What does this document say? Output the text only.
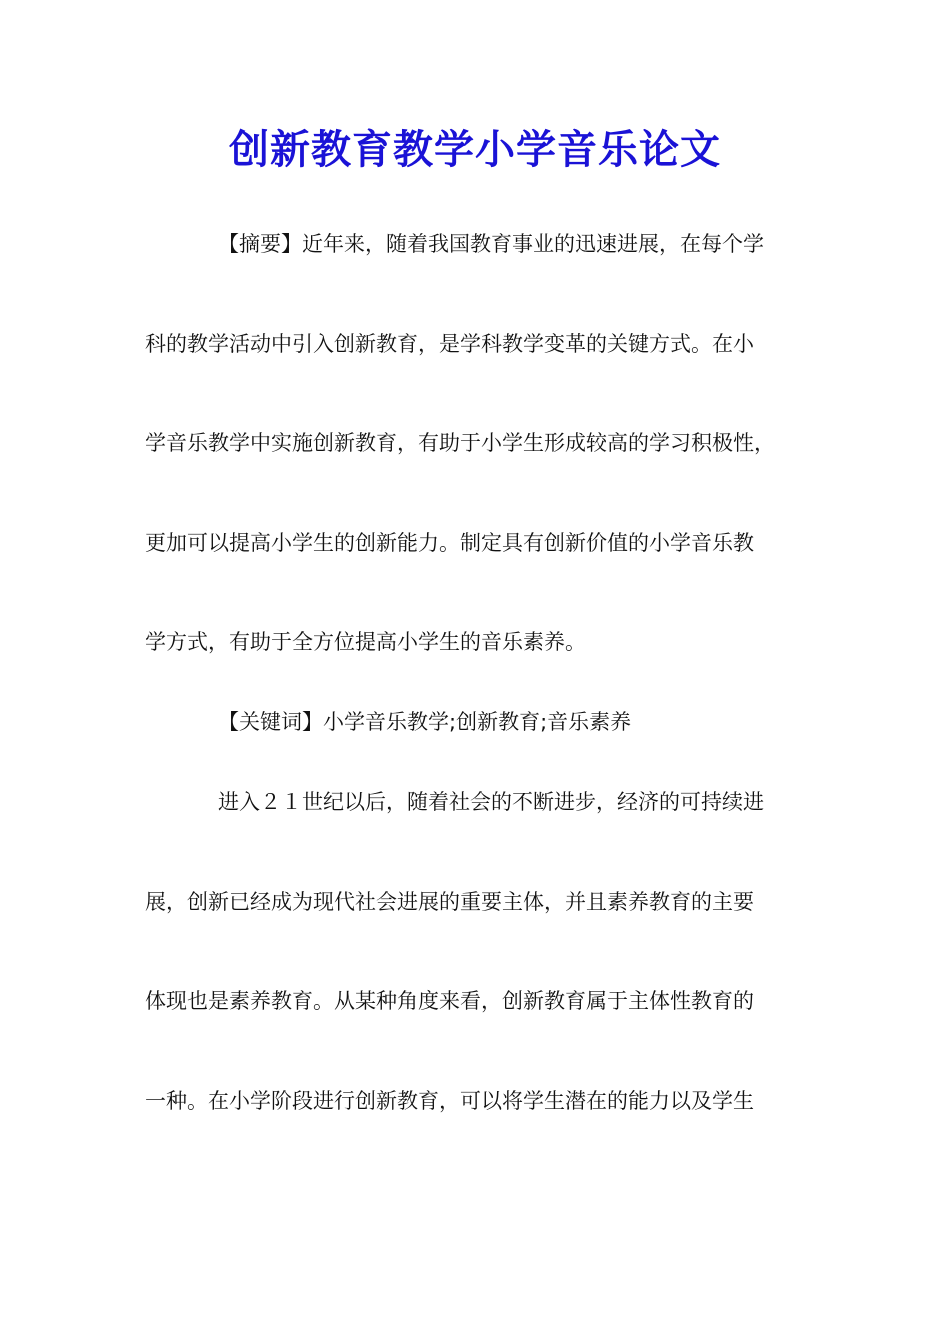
创新教育教学小学音乐论文

【摘要】近年来，随着我国教育事业的迅速进展，在每个学

科的教学活动中引入创新教育，是学科教学变革的关键方式。在小

学音乐教学中实施创新教育，有助于小学生形成较高的学习积极性，

更加可以提高小学生的创新能力。制定具有创新价值的小学音乐教

学方式，有助于全方位提高小学生的音乐素养。

【关键词】小学音乐教学;创新教育;音乐素养

进入２１世纪以后，随着社会的不断进步，经济的可持续进

展，创新已经成为现代社会进展的重要主体，并且素养教育的主要

体现也是素养教育。从某种角度来看，创新教育属于主体性教育的

一种。在小学阶段进行创新教育，可以将学生潜在的能力以及学生
